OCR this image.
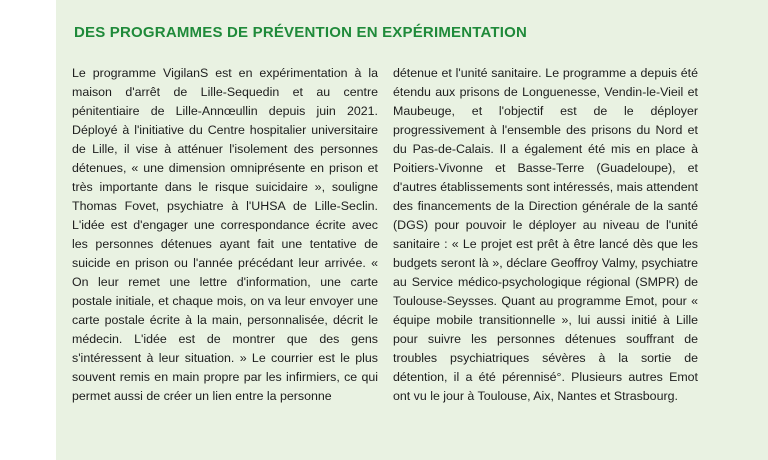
DES PROGRAMMES DE PRÉVENTION EN EXPÉRIMENTATION
Le programme VigilanS est en expérimentation à la maison d'arrêt de Lille-Sequedin et au centre pénitentiaire de Lille-Annœullin depuis juin 2021. Déployé à l'initiative du Centre hospitalier universitaire de Lille, il vise à atténuer l'isolement des personnes détenues, « une dimension omniprésente en prison et très importante dans le risque suicidaire », souligne Thomas Fovet, psychiatre à l'UHSA de Lille-Seclin. L'idée est d'engager une correspondance écrite avec les personnes détenues ayant fait une tentative de suicide en prison ou l'année précédant leur arrivée. « On leur remet une lettre d'information, une carte postale initiale, et chaque mois, on va leur envoyer une carte postale écrite à la main, personnalisée, décrit le médecin. L'idée est de montrer que des gens s'intéressent à leur situation. » Le courrier est le plus souvent remis en main propre par les infirmiers, ce qui permet aussi de créer un lien entre la personne
détenue et l'unité sanitaire. Le programme a depuis été étendu aux prisons de Longuenesse, Vendin-le-Vieil et Maubeuge, et l'objectif est de le déployer progressivement à l'ensemble des prisons du Nord et du Pas-de-Calais. Il a également été mis en place à Poitiers-Vivonne et Basse-Terre (Guadeloupe), et d'autres établissements sont intéressés, mais attendent des financements de la Direction générale de la santé (DGS) pour pouvoir le déployer au niveau de l'unité sanitaire : « Le projet est prêt à être lancé dès que les budgets seront là », déclare Geoffroy Valmy, psychiatre au Service médico-psychologique régional (SMPR) de Toulouse-Seysses. Quant au programme Emot, pour « équipe mobile transitionnelle », lui aussi initié à Lille pour suivre les personnes détenues souffrant de troubles psychiatriques sévères à la sortie de détention, il a été pérennisé°. Plusieurs autres Emot ont vu le jour à Toulouse, Aix, Nantes et Strasbourg.
